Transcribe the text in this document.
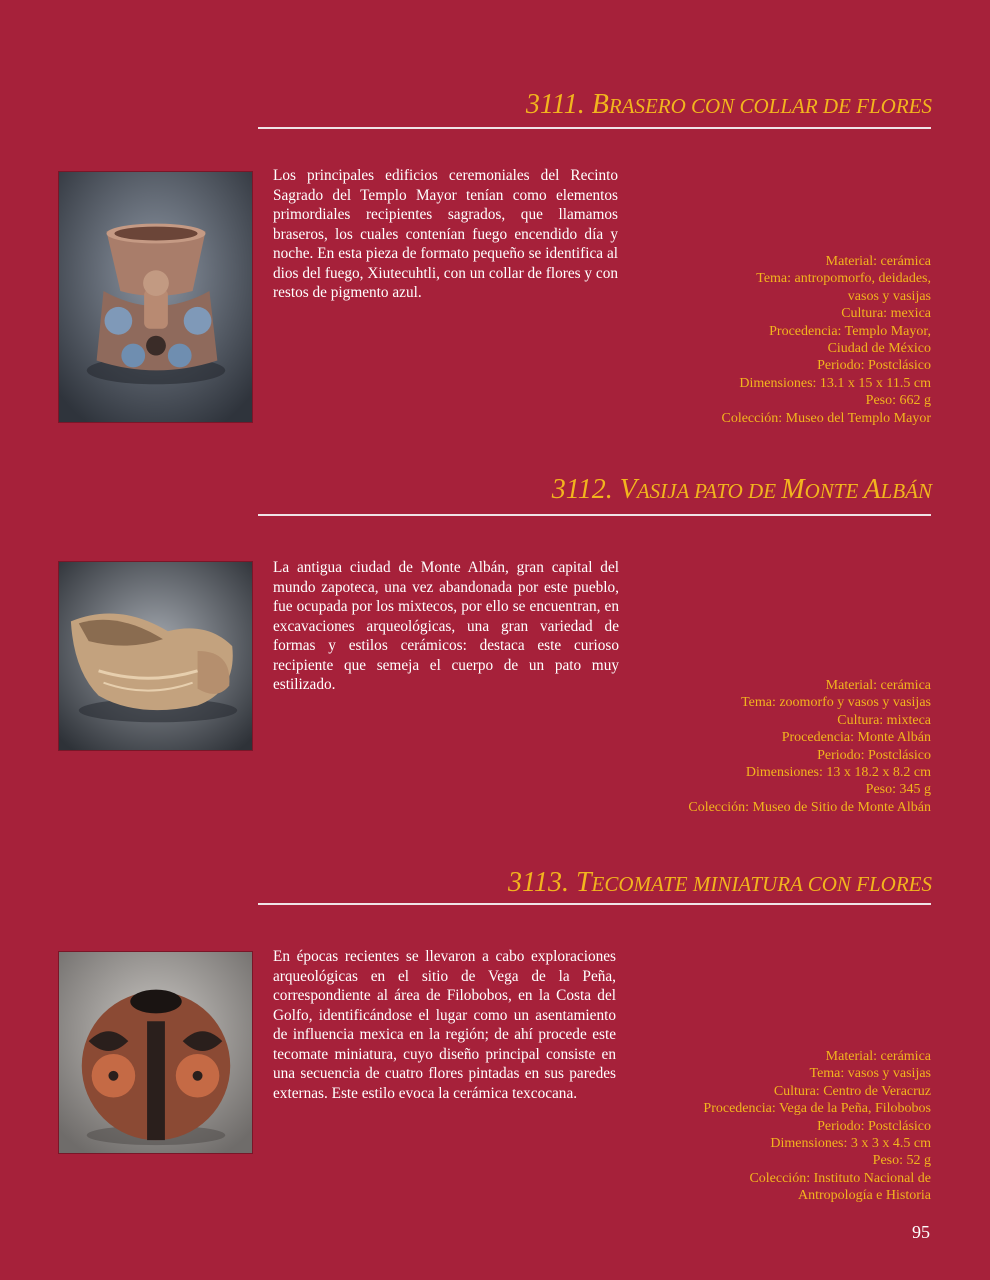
3111. BRASERO CON COLLAR DE FLORES

Los principales edificios ceremoniales del Recinto Sagrado del Templo Mayor tenían como elementos primordiales recipientes sagrados, que llamamos braseros, los cuales contenían fuego encendido día y noche. En esta pieza de formato pequeño se identifica al dios del fuego, Xiutecuhtli, con un collar de flores y con restos de pigmento azul.

Material: cerámica
Tema: antropomorfo, deidades,
vasos y vasijas
Cultura: mexica
Procedencia: Templo Mayor,
Ciudad de México
Periodo: Postclásico
Dimensiones: 13.1 x 15 x 11.5 cm
Peso: 662 g
Colección: Museo del Templo Mayor
3112. VASIJA PATO DE MONTE ALBÁN

La antigua ciudad de Monte Albán, gran capital del mundo zapoteca, una vez abandonada por este pueblo, fue ocupada por los mixtecos, por ello se encuentran, en excavaciones arqueológicas, una gran variedad de formas y estilos cerámicos: destaca este curioso recipiente que semeja el cuerpo de un pato muy estilizado.	Material: cerámica
Tema: zoomorfo y vasos y vasijas
Cultura: mixteca
Procedencia: Monte Albán
Periodo: Postclásico
Dimensiones: 13 x 18.2 x 8.2 cm
Peso: 345 g
Colección: Museo de Sitio de Monte Albán
3113. TECOMATE MINIATURA CON FLORES

En épocas recientes se llevaron a cabo exploraciones arqueológicas en el sitio de Vega de la Peña, correspondiente al área de Filobobos, en la Costa del Golfo, identificándose el lugar como un asentamiento de influencia mexica en la región; de ahí procede este tecomate miniatura, cuyo diseño principal consiste en una secuencia de cuatro flores pintadas en sus paredes externas. Este estilo evoca la cerámica texcocana.

Material: cerámica
Tema: vasos y vasijas
Cultura: Centro de Veracruz
Procedencia: Vega de la Peña, Filobobos
Periodo: Postclásico
Dimensiones: 3 x 3 x 4.5 cm
Peso: 52 g
Colección: Instituto Nacional de
Antropología e Historia
95
